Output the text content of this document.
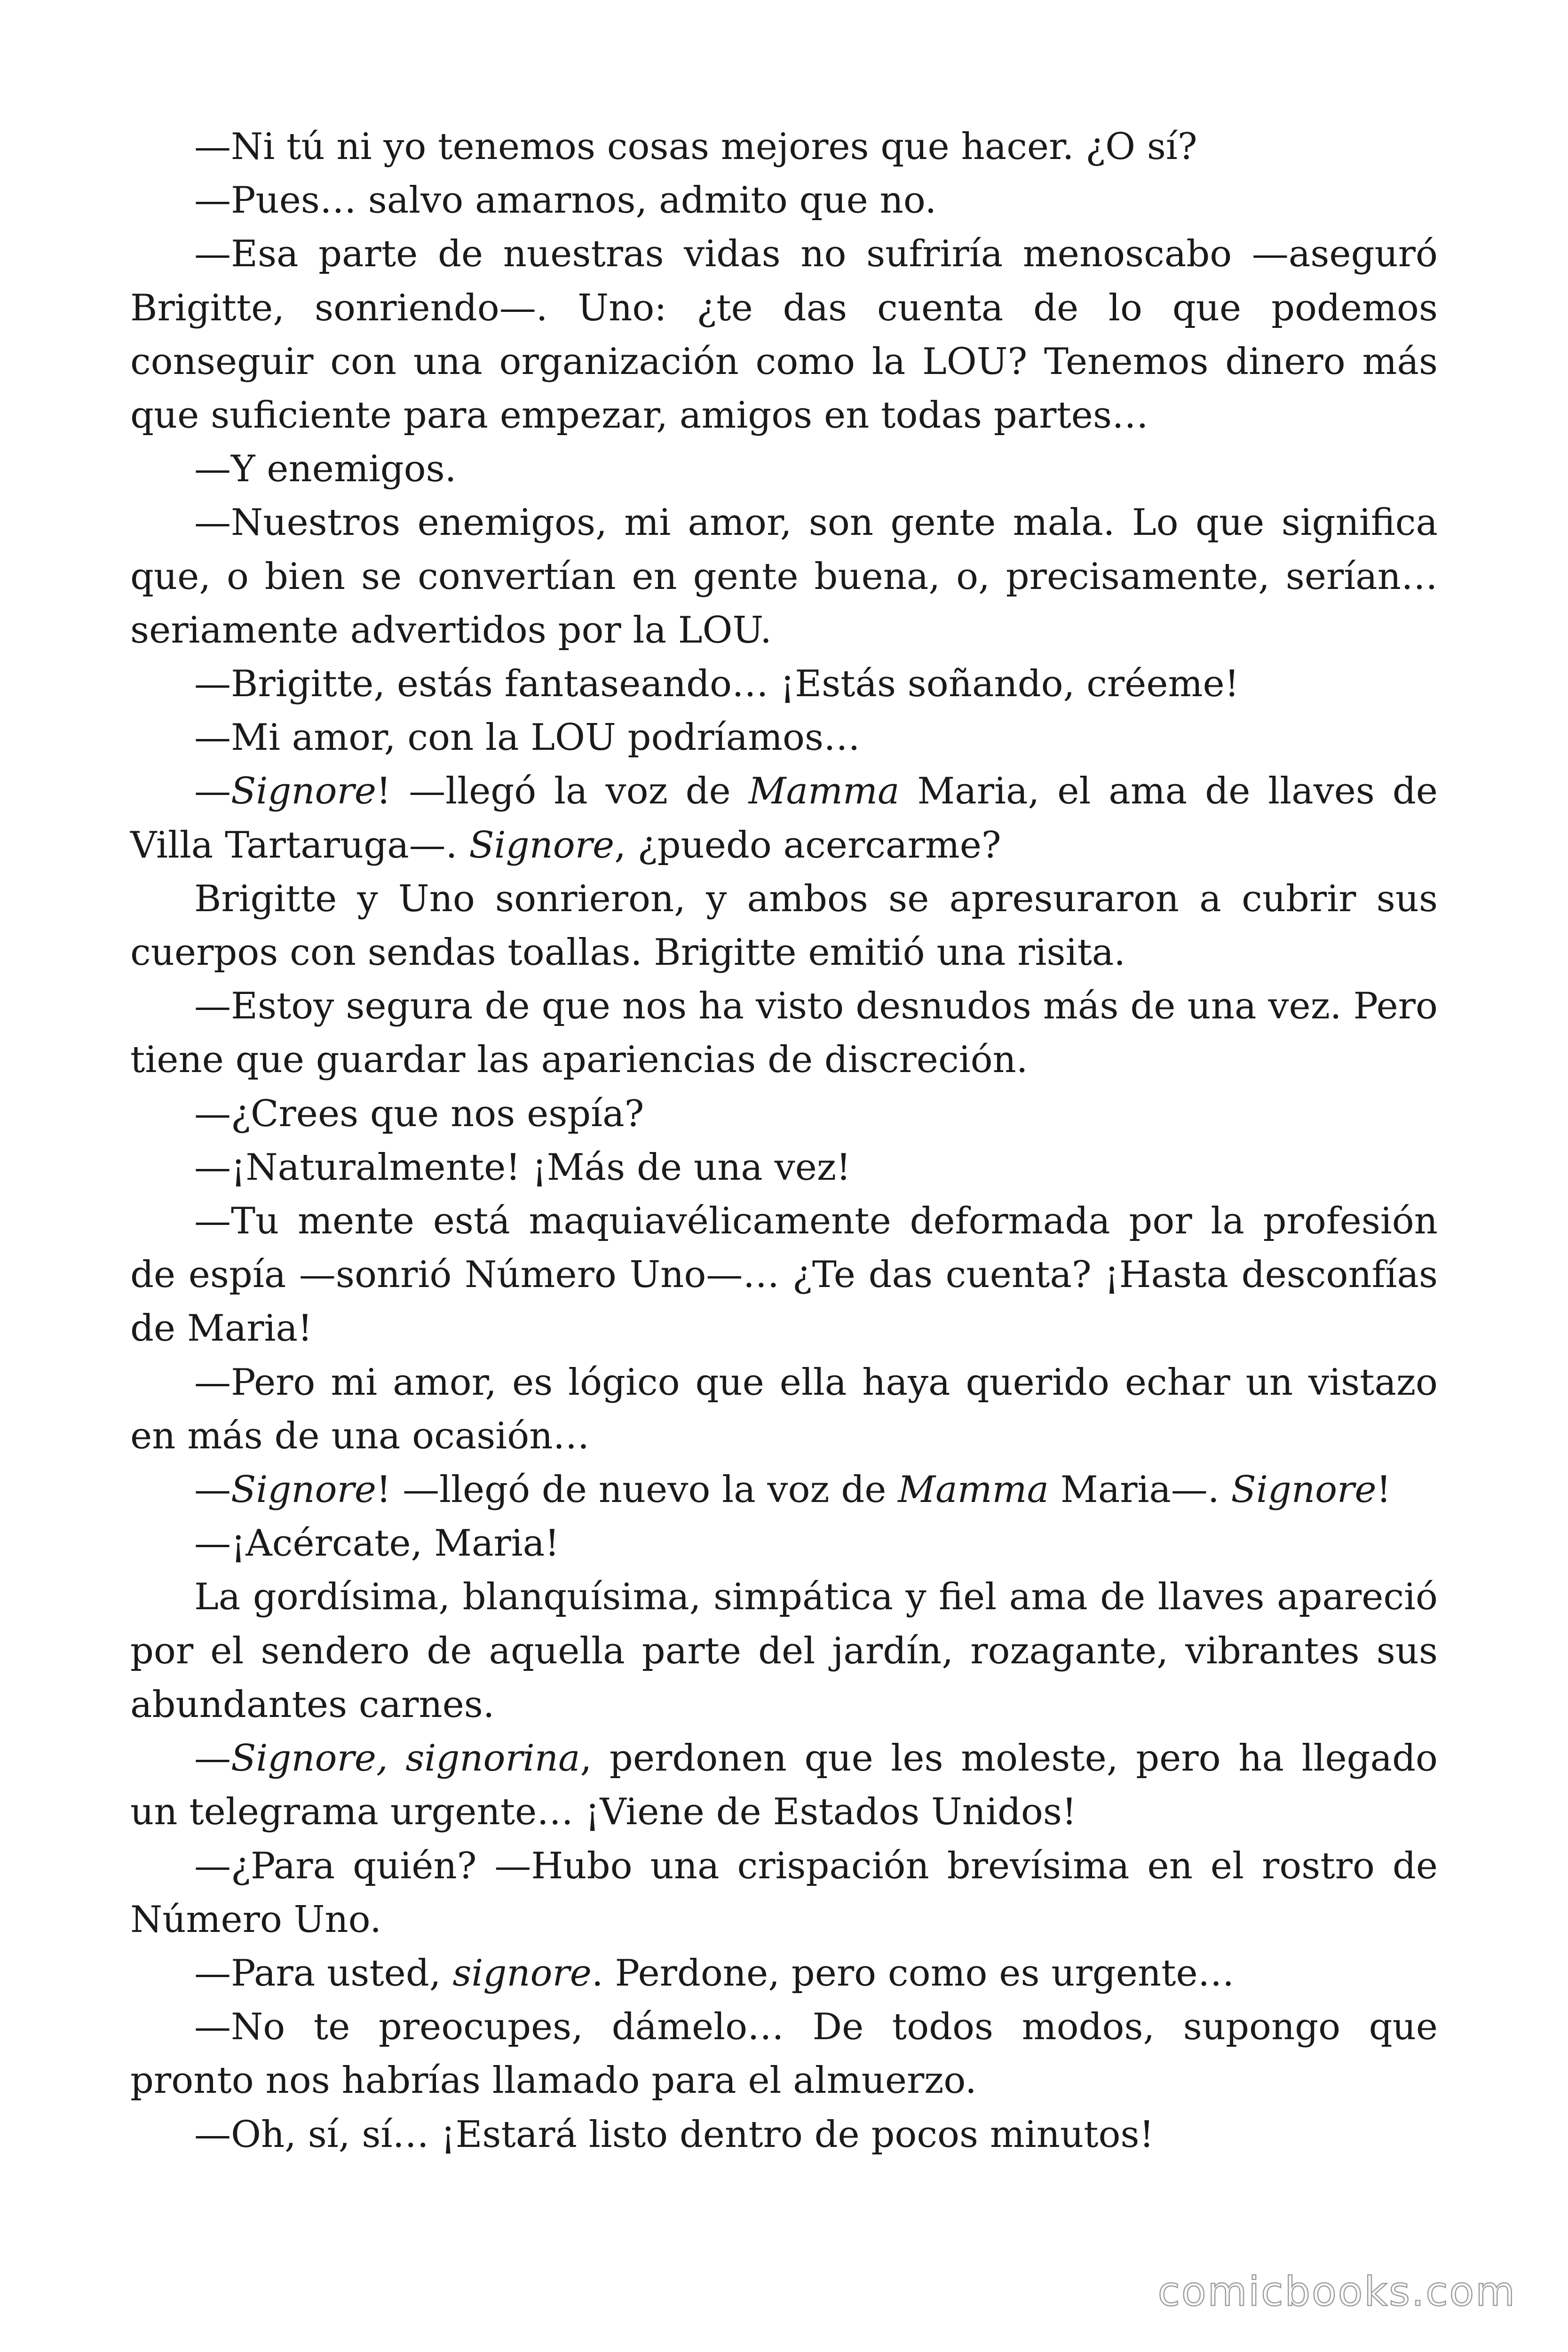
—Ni tú ni yo tenemos cosas mejores que hacer. ¿O sí?

—Pues… salvo amarnos, admito que no.

—Esa parte de nuestras vidas no sufriría menoscabo —aseguró Brigitte, sonriendo—. Uno: ¿te das cuenta de lo que podemos conseguir con una organización como la LOU? Tenemos dinero más que suficiente para empezar, amigos en todas partes…

—Y enemigos.

—Nuestros enemigos, mi amor, son gente mala. Lo que significa que, o bien se convertían en gente buena, o, precisamente, serían… seriamente advertidos por la LOU.

—Brigitte, estás fantaseando… ¡Estás soñando, créeme!

—Mi amor, con la LOU podríamos…

—Signore! —llegó la voz de Mamma Maria, el ama de llaves de Villa Tartaruga—. Signore, ¿puedo acercarme?

Brigitte y Uno sonrieron, y ambos se apresuraron a cubrir sus cuerpos con sendas toallas. Brigitte emitió una risita.

—Estoy segura de que nos ha visto desnudos más de una vez. Pero tiene que guardar las apariencias de discreción.

—¿Crees que nos espía?

—¡Naturalmente! ¡Más de una vez!

—Tu mente está maquiavélicamente deformada por la profesión de espía —sonrió Número Uno—… ¿Te das cuenta? ¡Hasta desconfías de Maria!

—Pero mi amor, es lógico que ella haya querido echar un vistazo en más de una ocasión…

—Signore! —llegó de nuevo la voz de Mamma Maria—. Signore!

—¡Acércate, Maria!

La gordísima, blanquísima, simpática y fiel ama de llaves apareció por el sendero de aquella parte del jardín, rozagante, vibrantes sus abundantes carnes.

—Signore, signorina, perdonen que les moleste, pero ha llegado un telegrama urgente… ¡Viene de Estados Unidos!

—¿Para quién? —Hubo una crispación brevísima en el rostro de Número Uno.

—Para usted, signore. Perdone, pero como es urgente…

—No te preocupes, dámelo… De todos modos, supongo que pronto nos habrías llamado para el almuerzo.

—Oh, sí, sí… ¡Estará listo dentro de pocos minutos!

comicbooks.com
